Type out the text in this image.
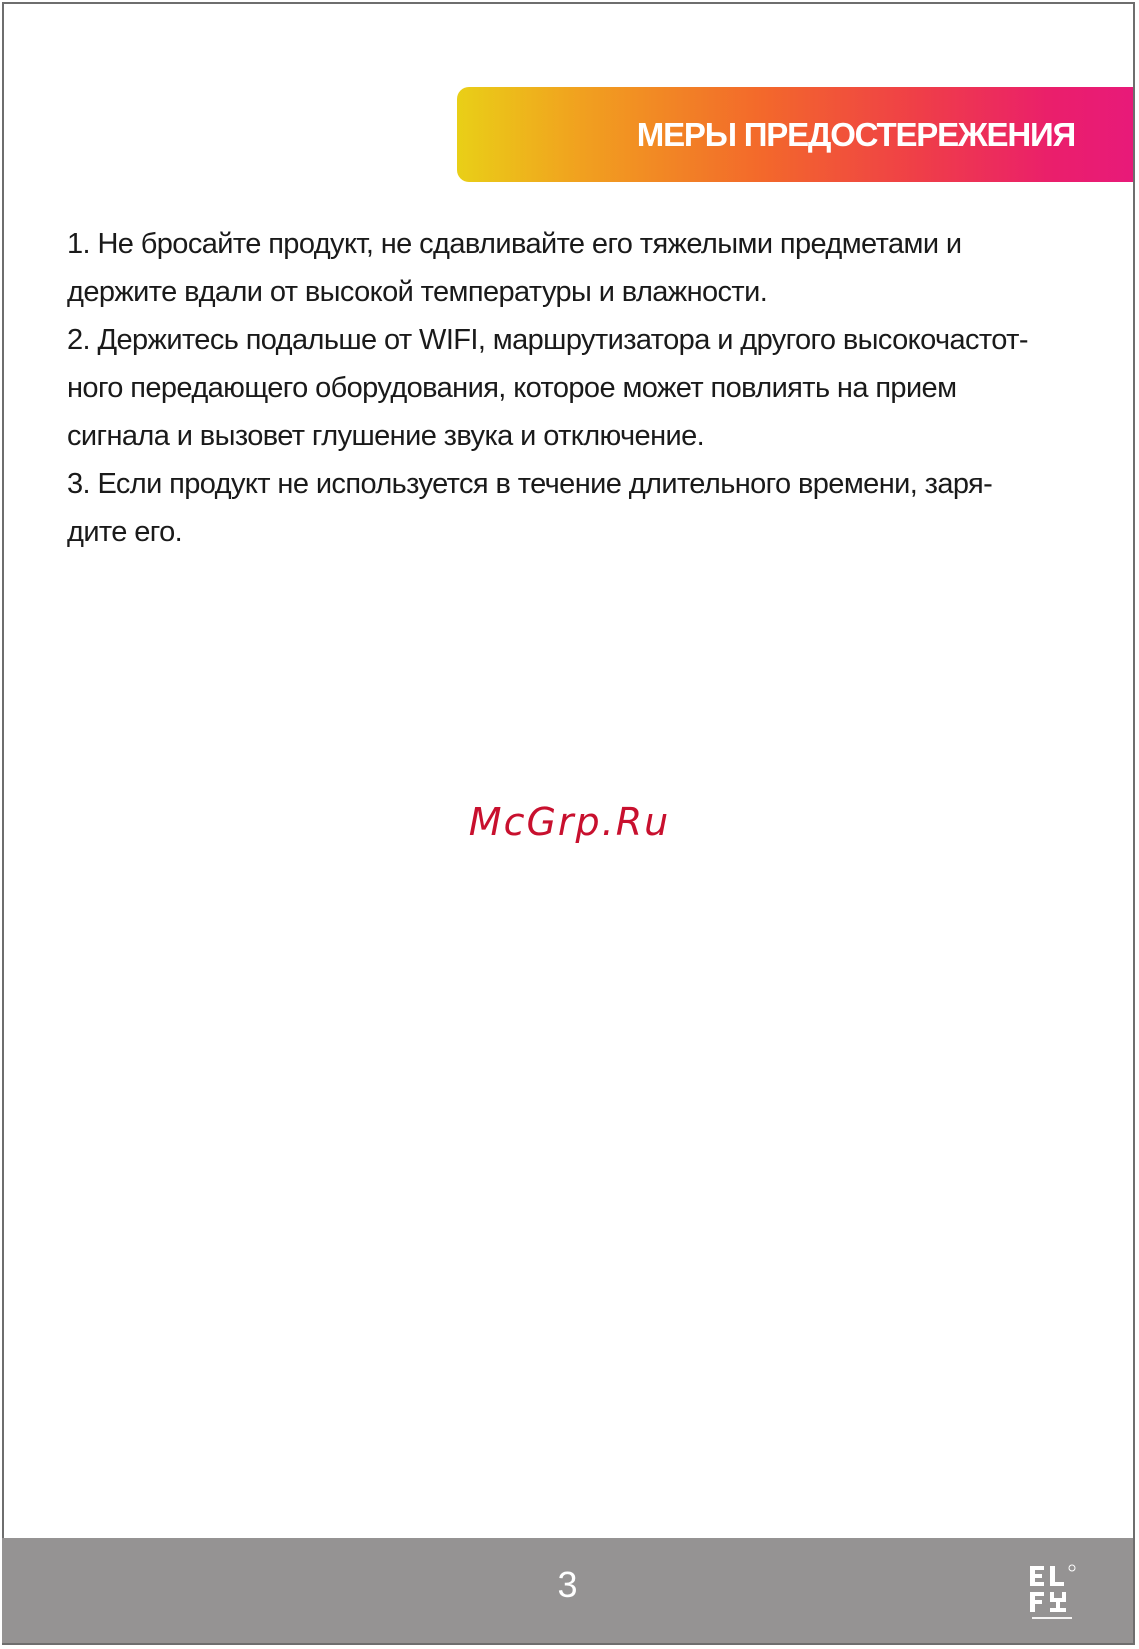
МЕРЫ ПРЕДОСТЕРЕЖЕНИЯ

1. Не бросайте продукт, не сдавливайте его тяжелыми предметами и

держите вдали от высокой температуры и влажности.

2. Держитесь подальше от WIFI, маршрутизатора и другого высокочастот-

ного передающего оборудования, которое может повлиять на прием

сигнала и вызовет глушение звука и отключение.

3. Если продукт не используется в течение длительного времени, заря-

дите его.

McGrp.Ru
3
